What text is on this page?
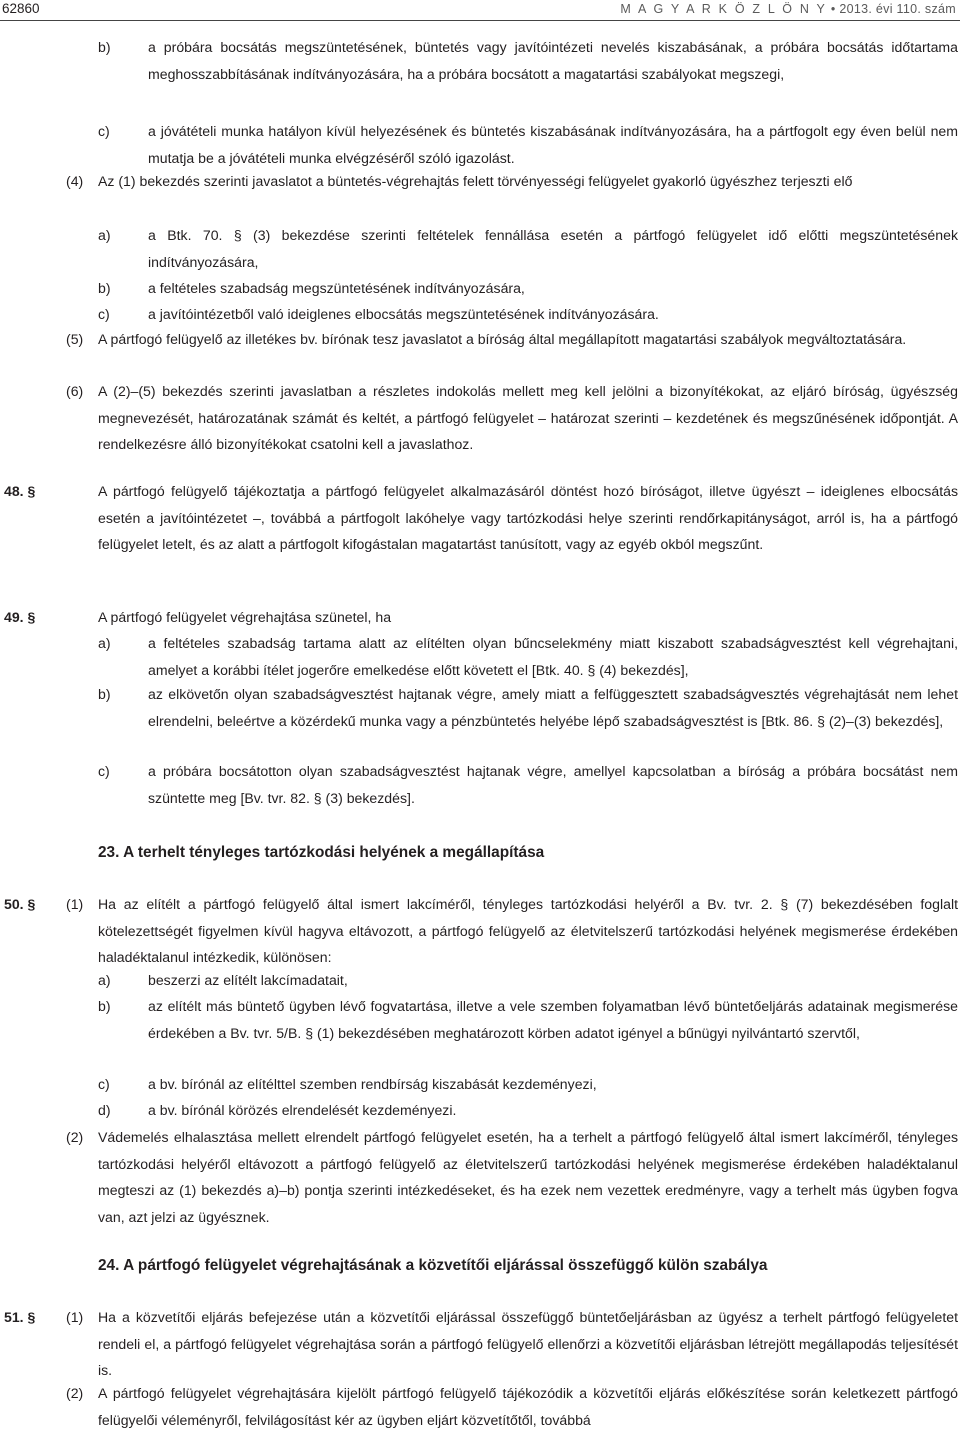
62860	M A G Y A R K Ö Z L Ö N Y • 2013. évi 110. szám
b)	a próbára bocsátás megszüntetésének, büntetés vagy javítóintézeti nevelés kiszabásának, a próbára bocsátás időtartama meghosszabbításának indítványozására, ha a próbára bocsátott a magatartási szabályokat megszegi,
c)	a jóvátételi munka hatályon kívül helyezésének és büntetés kiszabásának indítványozására, ha a pártfogolt egy éven belül nem mutatja be a jóvátételi munka elvégzéséről szóló igazolást.
(4) Az (1) bekezdés szerinti javaslatot a büntetés-végrehajtás felett törvényességi felügyelet gyakorló ügyészhez terjeszti elő
a)	a Btk. 70. § (3) bekezdése szerinti feltételek fennállása esetén a pártfogó felügyelet idő előtti megszüntetésének indítványozására,
b)	a feltételes szabadság megszüntetésének indítványozására,
c)	a javítóintézetből való ideiglenes elbocsátás megszüntetésének indítványozására.
(5) A pártfogó felügyelő az illetékes bv. bírónak tesz javaslatot a bíróság által megállapított magatartási szabályok megváltoztatására.
(6) A (2)–(5) bekezdés szerinti javaslatban a részletes indokolás mellett meg kell jelölni a bizonyítékokat, az eljáró bíróság, ügyészség megnevezését, határozatának számát és keltét, a pártfogó felügyelet – határozat szerinti – kezdetének és megszűnésének időpontját. A rendelkezésre álló bizonyítékokat csatolni kell a javaslathoz.
48. §	A pártfogó felügyelő tájékoztatja a pártfogó felügyelet alkalmazásáról döntést hozó bíróságot, illetve ügyészt – ideiglenes elbocsátás esetén a javítóintézetet –, továbbá a pártfogolt lakóhelye vagy tartózkodási helye szerinti rendőrkapitányságot, arról is, ha a pártfogó felügyelet letelt, és az alatt a pártfogolt kifogástalan magatartást tanúsított, vagy az egyéb okból megszűnt.
49. §	A pártfogó felügyelet végrehajtása szünetel, ha
a)	a feltételes szabadság tartama alatt az elítélten olyan bűncselekmény miatt kiszabott szabadságvesztést kell végrehajtani, amelyet a korábbi ítélet jogerőre emelkedése előtt követett el [Btk. 40. § (4) bekezdés],
b)	az elkövetőn olyan szabadságvesztést hajtanak végre, amely miatt a felfüggesztett szabadságvesztés végrehajtását nem lehet elrendelni, beleértve a közérdekű munka vagy a pénzbüntetés helyébe lépő szabadságvesztést is [Btk. 86. § (2)–(3) bekezdés],
c)	a próbára bocsátotton olyan szabadságvesztést hajtanak végre, amellyel kapcsolatban a bíróság a próbára bocsátást nem szüntette meg [Bv. tvr. 82. § (3) bekezdés].
23. A terhelt tényleges tartózkodási helyének a megállapítása
50. § (1) Ha az elítélt a pártfogó felügyelő által ismert lakcíméről, tényleges tartózkodási helyéről a Bv. tvr. 2. § (7) bekezdésében foglalt kötelezettségét figyelmen kívül hagyva eltávozott, a pártfogó felügyelő az életvitelszerű tartózkodási helyének megismerése érdekében haladéktalanul intézkedik, különösen:
a)	beszerzi az elítélt lakcímadatait,
b)	az elítélt más büntető ügyben lévő fogvatartása, illetve a vele szemben folyamatban lévő büntetőeljárás adatainak megismerése érdekében a Bv. tvr. 5/B. § (1) bekezdésében meghatározott körben adatot igényel a bűnügyi nyilvántartó szervtől,
c)	a bv. bírónál az elítélttel szemben rendbírság kiszabását kezdeményezi,
d)	a bv. bírónál körözés elrendelését kezdeményezi.
(2) Vádemelés elhalasztása mellett elrendelt pártfogó felügyelet esetén, ha a terhelt a pártfogó felügyelő által ismert lakcíméről, tényleges tartózkodási helyéről eltávozott a pártfogó felügyelő az életvitelszerű tartózkodási helyének megismerése érdekében haladéktalanul megteszi az (1) bekezdés a)–b) pontja szerinti intézkedéseket, és ha ezek nem vezettek eredményre, vagy a terhelt más ügyben fogva van, azt jelzi az ügyésznek.
24. A pártfogó felügyelet végrehajtásának a közvetítői eljárással összefüggő külön szabálya
51. § (1) Ha a közvetítői eljárás befejezése után a közvetítői eljárással összefüggő büntetőeljárásban az ügyész a terhelt pártfogó felügyeletet rendeli el, a pártfogó felügyelet végrehajtása során a pártfogó felügyelő ellenőrzi a közvetítői eljárásban létrejött megállapodás teljesítését is.
(2) A pártfogó felügyelet végrehajtására kijelölt pártfogó felügyelő tájékozódik a közvetítői eljárás előkészítése során keletkezett pártfogó felügyelői véleményről, felvilágosítást kér az ügyben eljárt közvetítőtől, továbbá
